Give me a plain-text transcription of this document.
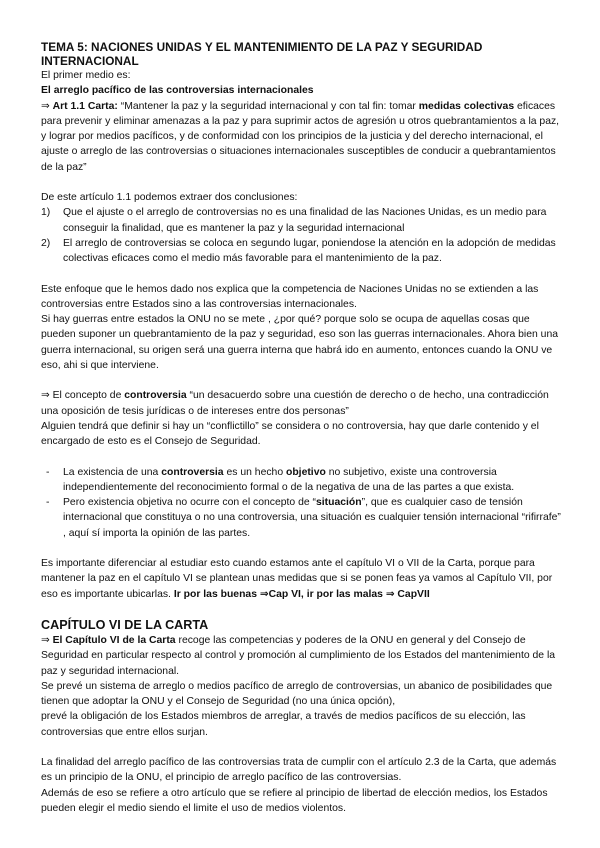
TEMA 5: NACIONES UNIDAS Y EL MANTENIMIENTO DE LA PAZ Y SEGURIDAD INTERNACIONAL

El primer medio es:

El arreglo pacífico de las controversias internacionales

⇒ Art 1.1 Carta: “Mantener la paz y la seguridad internacional y con tal fin: tomar medidas colectivas eficaces para prevenir y eliminar amenazas a la paz y para suprimir actos de agresión u otros quebrantamientos a la paz, y lograr por medios pacíficos, y de conformidad con los principios de la justicia y del derecho internacional, el ajuste o arreglo de las controversias o situaciones internacionales susceptibles de conducir a quebrantamientos de la paz”

De este artículo 1.1 podemos extraer dos conclusiones:

1) Que el ajuste o el arreglo de controversias no es una finalidad de las Naciones Unidas, es un medio para conseguir la finalidad, que es mantener la paz y la seguridad internacional
2) El arreglo de controversias se coloca en segundo lugar, poniendose la atención en la adopción de medidas colectivas eficaces como el medio más favorable para el mantenimiento de la paz.

Este enfoque que le hemos dado nos explica que la competencia de Naciones Unidas no se extienden a las controversias entre Estados sino a las controversias internacionales.

Si hay guerras entre estados la ONU no se mete , ¿por qué? porque solo se ocupa de aquellas cosas que pueden suponer un quebrantamiento de la paz y seguridad, eso son las guerras internacionales. Ahora bien una guerra internacional, su origen será una guerra interna que habrá ido en aumento, entonces cuando la ONU ve eso, ahi si que interviene.

⇒ El concepto de controversia “un desacuerdo sobre una cuestión de derecho o de hecho, una contradicción una oposición de tesis jurídicas o de intereses entre dos personas”

Alguien tendrá que definir si hay un “conflictillo” se considera o no controversia, hay que darle contenido y el encargado de esto es el Consejo de Seguridad.

- La existencia de una controversia es un hecho objetivo no subjetivo, existe una controversia independientemente del reconocimiento formal o de la negativa de una de las partes a que exista.
- Pero existencia objetiva no ocurre con el concepto de “situación”, que es cualquier caso de tensión internacional que constituya o no una controversia, una situación es cualquier tensión internacional “rifirrafe” , aquí sí importa la opinión de las partes.

Es importante diferenciar al estudiar esto cuando estamos ante el capítulo VI o VII de la Carta, porque para mantener la paz en el capítulo VI se plantean unas medidas que si se ponen feas ya vamos al Capítulo VII, por eso es importante ubicarlas. Ir por las buenas ⇒Cap VI, ir por las malas ⇒ CapVII

CAPÍTULO VI DE LA CARTA

⇒ El Capítulo VI de la Carta recoge las competencias y poderes de la ONU en general y del Consejo de Seguridad en particular respecto al control y promoción al cumplimiento de los Estados del mantenimiento de la paz y seguridad internacional.

Se prevé un sistema de arreglo o medios pacífico de arreglo de controversias, un abanico de posibilidades que tienen que adoptar la ONU y el Consejo de Seguridad (no una única opción),

prevé la obligación de los Estados miembros de arreglar, a través de medios pacíficos de su elección, las controversias que entre ellos surjan.

La finalidad del arreglo pacífico de las controversias trata de cumplir con el artículo 2.3 de la Carta, que además es un principio de la ONU, el principio de arreglo pacífico de las controversias.

Además de eso se refiere a otro artículo que se refiere al principio de libertad de elección medios, los Estados pueden elegir el medio siendo el limite el uso de medios violentos.
